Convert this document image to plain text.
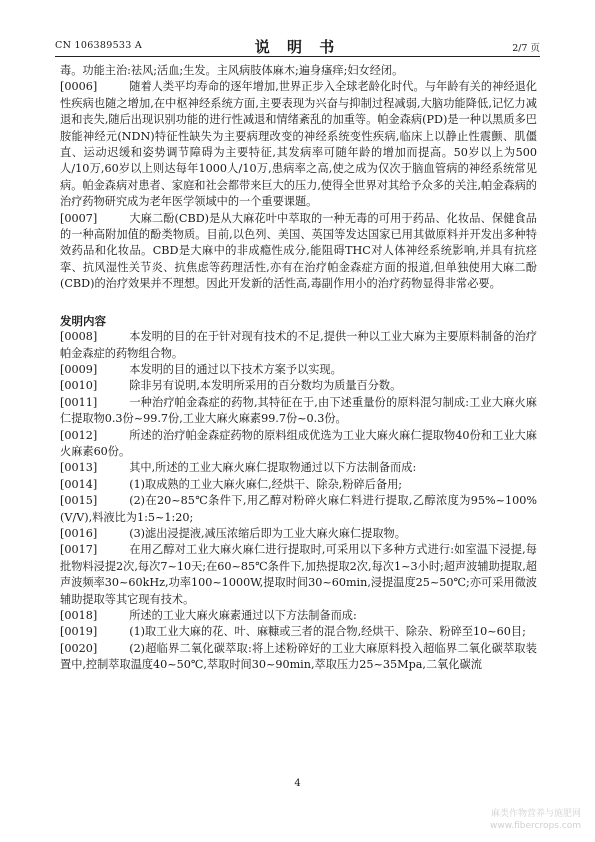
CN 106389533 A	说 明 书	2/7 页

毒。功能主治:祛风;活血;生发。主风病肢体麻木;遍身瘙痒;妇女经闭。

[0006]	随着人类平均寿命的逐年增加,世界正步入全球老龄化时代。与年龄有关的神经退化性疾病也随之增加,在中枢神经系统方面,主要表现为兴奋与抑制过程减弱,大脑功能降低,记忆力减退和丧失,随后出现识别功能的进行性减退和情绪紊乱的加重等。帕金森病(PD)是一种以黑质多巴胺能神经元(NDN)特征性缺失为主要病理改变的神经系统变性疾病,临床上以静止性震颤、肌僵直、运动迟缓和姿势调节障碍为主要特征,其发病率可随年龄的增加而提高。50岁以上为500人/10万,60岁以上则达每年1000人/10万,患病率之高,使之成为仅次于脑血管病的神经系统常见病。帕金森病对患者、家庭和社会都带来巨大的压力,使得全世界对其给予众多的关注,帕金森病的治疗药物研究成为老年医学领域中的一个重要课题。
[0007]	大麻二酚(CBD)是从大麻花叶中萃取的一种无毒的可用于药品、化妆品、保健食品的一种高附加值的酚类物质。目前,以色列、美国、英国等发达国家已用其做原料并开发出多种特效药品和化妆品。CBD是大麻中的非成瘾性成分,能阻碍THC对人体神经系统影响,并具有抗痉挛、抗风湿性关节炎、抗焦虑等药理活性,亦有在治疗帕金森症方面的报道,但单独使用大麻二酚(CBD)的治疗效果并不理想。因此开发新的活性高,毒副作用小的治疗药物显得非常必要。
发明内容
[0008]	本发明的目的在于针对现有技术的不足,提供一种以工业大麻为主要原料制备的治疗帕金森症的药物组合物。
[0009]	本发明的目的通过以下技术方案予以实现。
[0010]	除非另有说明,本发明所采用的百分数均为质量百分数。
[0011]	一种治疗帕金森症的药物,其特征在于,由下述重量份的原料混匀制成:工业大麻火麻仁提取物0.3份~99.7份,工业大麻火麻素99.7份~0.3份。
[0012]	所述的治疗帕金森症药物的原料组成优选为工业大麻火麻仁提取物40份和工业大麻火麻素60份。
[0013]	其中,所述的工业大麻火麻仁提取物通过以下方法制备而成:
[0014]	(1)取成熟的工业大麻火麻仁,经烘干、除杂,粉碎后备用;
[0015]	(2)在20~85℃条件下,用乙醇对粉碎火麻仁料进行提取,乙醇浓度为95%~100%(V/V),料液比为1:5~1:20;
[0016]	(3)滤出浸提液,减压浓缩后即为工业大麻火麻仁提取物。
[0017]	在用乙醇对工业大麻火麻仁进行提取时,可采用以下多种方式进行:如室温下浸提,每批物料浸提2次,每次7~10天;在60~85℃条件下,加热提取2次,每次1~3小时;超声波辅助提取,超声波频率30~60kHz,功率100~1000W,提取时间30~60min,浸提温度25~50℃;亦可采用微波辅助提取等其它现有技术。
[0018]	所述的工业大麻火麻素通过以下方法制备而成:
[0019]	(1)取工业大麻的花、叶、麻糠或三者的混合物,经烘干、除杂、粉碎至10~60目;
[0020]	(2)超临界二氧化碳萃取:将上述粉碎好的工业大麻原料投入超临界二氧化碳萃取装置中,控制萃取温度40~50℃,萃取时间30~90min,萃取压力25~35Mpa,二氧化碳流
4
麻类作物营养与施肥网
www.fibercrops.com
